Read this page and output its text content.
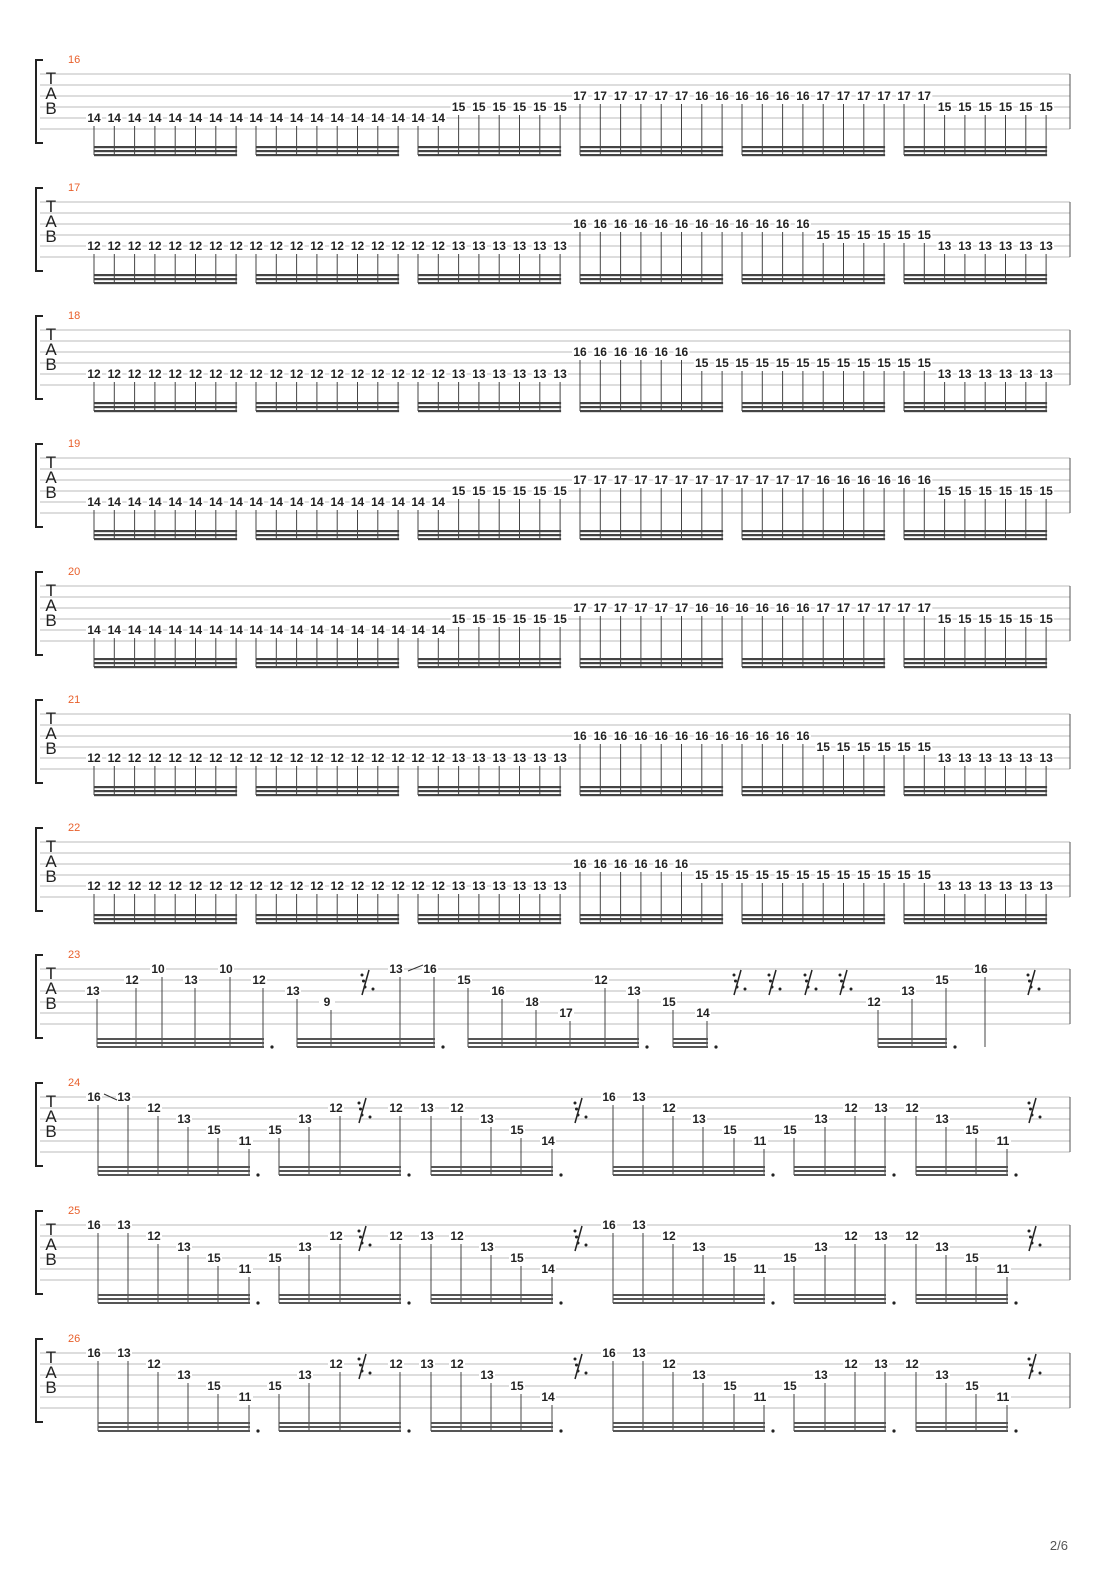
16
T
A
B	14 14 14 14 14 14 14 14 14 14 14 14 14 14 14 14 14 14
15 15 15 15 15 15
17 17 17 17 17 17 16 16 16 16 16 16 17 17 17 17 17 17
15 15 15 15 15 15
17
T
A
B	12 12 12 12 12 12 12 12 12 12 12 12 12 12 12 12 12 12 13 13 13 13 13 13
16 16 16 16 16 16 16 16 16 16 16 16
15 15 15 15 15 15
13 13 13 13 13 13
18
T
A
B	12 12 12 12 12 12 12 12 12 12 12 12 12 12 12 12 12 12 13 13 13 13 13 13
16 16 16 16 16 16
15 15 15 15 15 15 15 15 15 15 15 15
13 13 13 13 13 13
19
T
A
B	14 14 14 14 14 14 14 14 14 14 14 14 14 14 14 14 14 14
15 15 15 15 15 15
17 17 17 17 17 17 17 17 17 17 17 17 16 16 16 16 16 16
15 15 15 15 15 15
20
T
A
B	14 14 14 14 14 14 14 14 14 14 14 14 14 14 14 14 14 14
15 15 15 15 15 15
17 17 17 17 17 17 16 16 16 16 16 16 17 17 17 17 17 17
15 15 15 15 15 15
21
T
A
B	12 12 12 12 12 12 12 12 12 12 12 12 12 12 12 12 12 12 13 13 13 13 13 13
16 16 16 16 16 16 16 16 16 16 16 16
15 15 15 15 15 15
13 13 13 13 13 13
22
T
A
B	12 12 12 12 12 12 12 12 12 12 12 12 12 12 12 12 12 12 13 13 13 13 13 13
16 16 16 16 16 16
15 15 15 15 15 15 15 15 15 15 15 15
13 13 13 13 13 13
23
T
A
B
13
12
10
13
10
12
13
9
13 16
15
16
18
17
12
13
15
14
12
13
15
16
24
T
A
B
16 13
12
13
15
11
15
13
12	12 13 12
13
15
14
16 13
12
13
15
11
15
13
12 13 12
13
15
11
25
T
A
B
16 13
12
13
15
11
15
13
12	12 13 12
13
15
14
16 13
12
13
15
11
15
13
12 13 12
13
15
11
26
T
A
B
16 13
12
13
15
11
15
13
12	12 13 12
13
15
14
16 13
12
13
15
11
15
13
12 13 12
13
15
11
2/6
